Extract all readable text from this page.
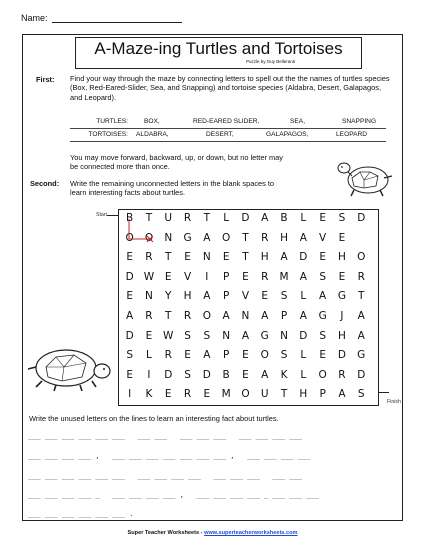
Name:
A-Maze-ing Turtles and Tortoises
Puzzle by Guy Belleranti
First: Find your way through the maze by connecting letters to spell out the the names of turtles species (Box, Red-Eared-Slider, Sea, and Snapping) and tortoise species (Aldabra, Desert, Galapagos, and Leopard).
TURTLES: BOX,	RED-EARED SLIDER,	SEA,	SNAPPING
TORTOISES: ALDABRA,	DESERT,	GALAPAGOS,	LEOPARD
You may move forward, backward, up, or down, but no letter may be connected more than once.
Second: Write the remaining unconnected letters in the blank spaces to learn interesting facts about turtles.
Start
Finish
B	T	U	R	T	L	D	A	B	L	E	S	D
O	O	N	G	A	O	T	R	H	A	V	E
E	R	T	E	N	E	T	H	A	D	E	H	O
D W	E	V	I	P	E	R	M	A	S	E	R
E	N	Y	H	A	P	V	E	S	L	A	G	T
A	R	T	R	O	A	N	A	P	A	G	J	A
D	E	W	S	S	N	A	G	N	D	S	H	A
S	L	R	E	A	P	E	O	S	L	E	D	G
E	I	D	S	D	B	E	A	K	L	O	R	D
I	K	E	R	E	M	O	U	T	H	P	A	S
Write the unused letters on the lines to learn an interesting fact about turtles.
___ ___ ___ ___ ___ ___   ___ ___   ___ ___ ___   ___ ___ ___ ___
___ ___ ___ ___ ,   ___ ___ ___ ___ ___ ___ ___ ,   ___ ___ ___ ___
___ ___ ___ ___ ___ ___   ___ ___ ___ ___   ___ ___ ___   ___ ___
___ ___ ___ ___ _   ___ ___ ___ ___ ,   ___ ___ ___ ___ _ ___ ___ ___
___ ___ ___ ___ ___ ___ .
Super Teacher Worksheets - www.superteacherworksheets.com
